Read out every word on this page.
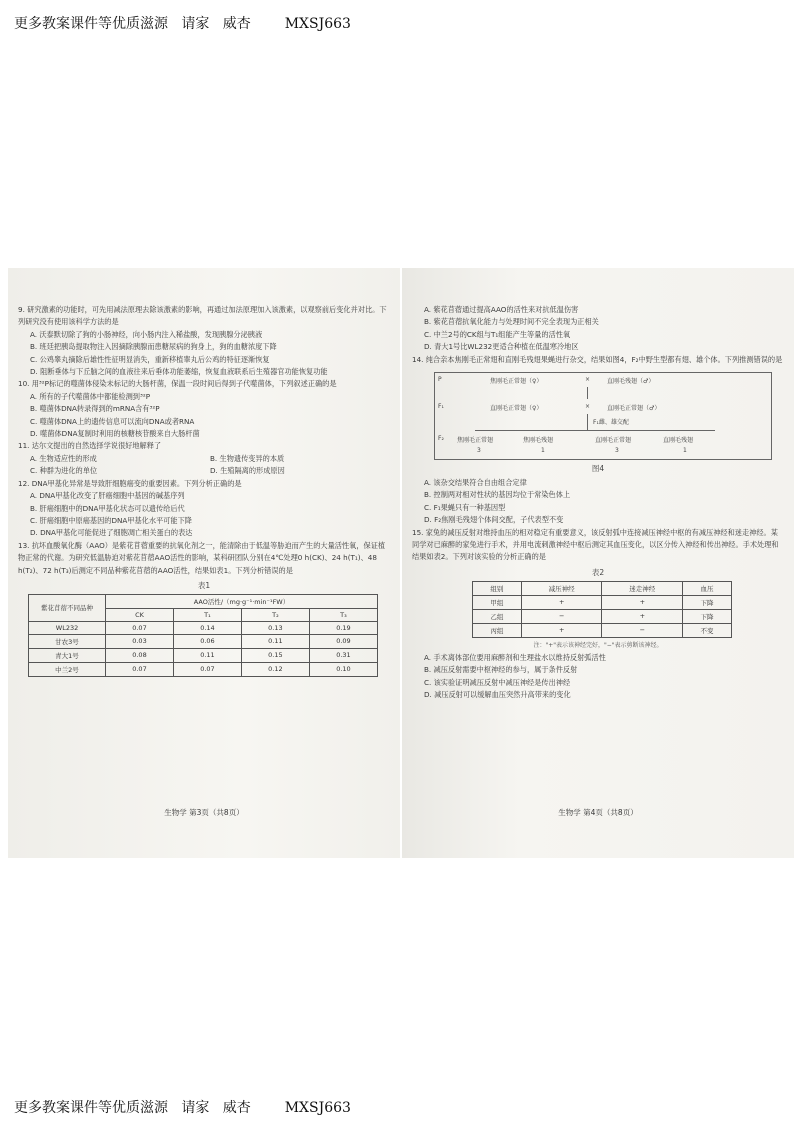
更多教案课件等优质滋源   请家   威杏 MXSJ663

9. 研究激素的功能时，可先用减法原理去除该激素的影响，再通过加法原理加入该激素，以观察前后变化并对比。下列研究没有使用该科学方法的是

A. 沃泰默切除了狗的小肠神经，向小肠内注入稀盐酸，发现胰腺分泌胰液

B. 班廷把胰岛提取物注入因摘除胰腺而患糖尿病的狗身上，狗的血糖浓度下降

C. 公鸡睾丸摘除后雄性性征明显消失，重新移植睾丸后公鸡的特征逐渐恢复

D. 阻断垂体与下丘脑之间的血液往来后垂体功能萎缩，恢复血液联系后生殖器官功能恢复功能

10. 用³²P标记的噬菌体侵染未标记的大肠杆菌，保温一段时间后得到子代噬菌体，下列叙述正确的是

A. 所有的子代噬菌体中都能检测到³²P

B. 噬菌体DNA转录得到的mRNA含有³²P

C. 噬菌体DNA上的遗传信息可以流向DNA或者RNA

D. 噬菌体DNA复制时利用的核糖核苷酸来自大肠杆菌

11. 达尔文提出的自然选择学说很好地解释了

A. 生物适应性的形成	B. 生物遗传变异的本质

C. 种群为进化的单位	D. 生殖隔离的形成原因

12. DNA甲基化异常是导致肝细胞癌变的重要因素。下列分析正确的是

A. DNA甲基化改变了肝癌细胞中基因的碱基序列

B. 肝癌细胞中的DNA甲基化状态可以遗传给后代

C. 肝癌细胞中原癌基因的DNA甲基化水平可能下降

D. DNA甲基化可能促进了细胞凋亡相关蛋白的表达

13. 抗坏血酸氧化酶（AAO）是紫花苜蓿重要的抗氧化剂之一，能清除由于低温等胁迫而产生的大量活性氧，保证植物正常的代谢。为研究低温胁迫对紫花苜蓿AAO活性的影响，某科研团队分别在4℃处理0 h(CK)、24 h(T₁)、48 h(T₂)、72 h(T₃)后测定不同品种紫花苜蓿的AAO活性，结果如表1。下列分析错误的是

表1
紫花苜蓿不同品种	AAO活性/（mg·g⁻¹·min⁻¹FW）			
	CK	T₁	T₂	T₃
WL232	0.07	0.14	0.13	0.19
甘农3号	0.03	0.06	0.11	0.09
青大1号	0.08	0.11	0.15	0.31
中兰2号	0.07	0.07	0.12	0.10
生物学 第3页（共8页）

A. 紫花苜蓿通过提高AAO的活性来对抗低温伤害

B. 紫花苜蓿抗氧化能力与处理时间不完全表现为正相关

C. 中兰2号的CK组与T₁组能产生等量的活性氧

D. 青大1号比WL232更适合种植在低温寒冷地区

14. 纯合亲本焦刚毛正常翅和直刚毛残翅果蝇进行杂交，结果如图4，F₂中野生型都有翅、雄个体。下列推测错误的是

P	焦刚毛正常翅（♀）	×	直刚毛残翅（♂）
F₁	直刚毛正常翅（♀）	×	直刚毛正常翅（♂）
F₁雌、雄交配
F₂ 焦刚毛正常翅	焦刚毛残翅	直刚毛正常翅	直刚毛残翅
3	1	3	1
图4

A. 该杂交结果符合自由组合定律

B. 控制两对相对性状的基因均位于常染色体上

C. F₁果蝇只有一种基因型

D. F₂焦刚毛残翅个体间交配，子代表型不变

15. 家兔的减压反射对维持血压的相对稳定有重要意义，该反射弧中连接减压神经中枢的有减压神经和迷走神经。某同学对已麻醉的家兔进行手术，并用电流刺激神经中枢后测定其血压变化，以区分传入神经和传出神经。手术处理和结果如表2。下列对该实验的分析正确的是

表2
组别	减压神经	迷走神经	血压
甲组	+	+	下降
乙组	−	+	下降
丙组	+	−	不变
注："+"表示该神经完好，"−"表示剪断该神经。

A. 手术离体部位要用麻醉剂和生理盐水以维持反射弧活性

B. 减压反射需要中枢神经的参与，属于条件反射

C. 该实验证明减压反射中减压神经是传出神经

D. 减压反射可以缓解血压突然升高带来的变化

生物学 第4页（共8页）
更多教案课件等优质滋源   请家   威杏 MXSJ663
